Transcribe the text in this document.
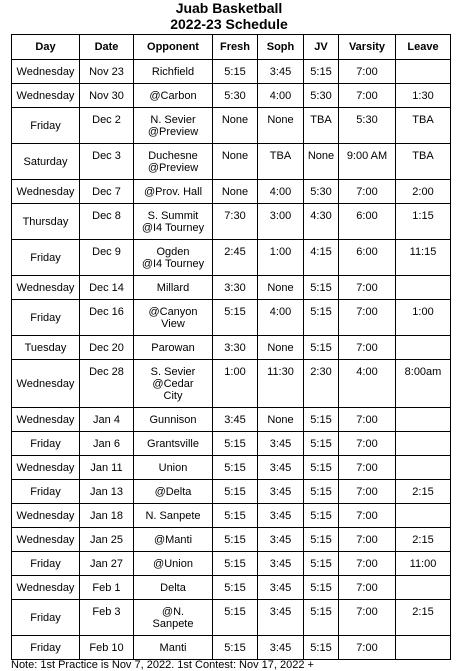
Juab Basketball
2022-23 Schedule
Day	Date	Opponent	Fresh	Soph	JV	Varsity	Leave
Wednesday	Nov 23	Richfield	5:15	3:45	5:15	7:00	
Wednesday	Nov 30	@Carbon	5:30	4:00	5:30	7:00	1:30
Friday	Dec 2	N. Sevier
@Preview	None	None	TBA	5:30	TBA
Saturday	Dec 3	Duchesne
@Preview	None	TBA	None	9:00 AM	TBA
Wednesday	Dec 7	@Prov. Hall	None	4:00	5:30	7:00	2:00
Thursday	Dec 8	S. Summit
@I4 Tourney	7:30	3:00	4:30	6:00	1:15
Friday	Dec 9	Ogden
@I4 Tourney	2:45	1:00	4:15	6:00	11:15
Wednesday	Dec 14	Millard	3:30	None	5:15	7:00	
Friday	Dec 16	@Canyon
View	5:15	4:00	5:15	7:00	1:00
Tuesday	Dec 20	Parowan	3:30	None	5:15	7:00	
Wednesday	Dec 28	S. Sevier
@Cedar
City	1:00	11:30	2:30	4:00	8:00am
Wednesday	Jan 4	Gunnison	3:45	None	5:15	7:00	
Friday	Jan 6	Grantsville	5:15	3:45	5:15	7:00	
Wednesday	Jan 11	Union	5:15	3:45	5:15	7:00	
Friday	Jan 13	@Delta	5:15	3:45	5:15	7:00	2:15
Wednesday	Jan 18	N. Sanpete	5:15	3:45	5:15	7:00	
Wednesday	Jan 25	@Manti	5:15	3:45	5:15	7:00	2:15
Friday	Jan 27	@Union	5:15	3:45	5:15	7:00	11:00
Wednesday	Feb 1	Delta	5:15	3:45	5:15	7:00	
Friday	Feb 3	@N.
Sanpete	5:15	3:45	5:15	7:00	2:15
Friday	Feb 10	Manti	5:15	3:45	5:15	7:00	
Note: 1st Practice is Nov 7, 2022. 1st Contest: Nov 17, 2022 +
